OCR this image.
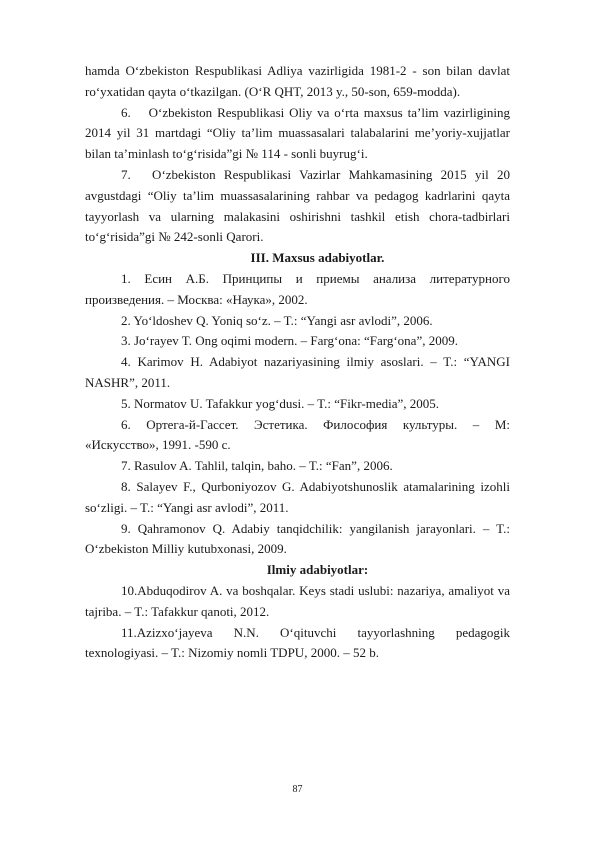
hamda O‘zbekiston Respublikasi Adliya vazirligida 1981-2 - son bilan davlat ro‘yxatidan qayta o‘tkazilgan. (O‘R QHT, 2013 y., 50-son, 659-modda).

6.  O‘zbekiston Respublikasi Oliy va o‘rta maxsus ta’lim vazirligining 2014 yil 31 martdagi “Oliy ta’lim muassasalari talabalarini me’yoriy-xujjatlar bilan ta’minlash to‘g‘risida”gi № 114 - sonli buyrug‘i.

7.  O‘zbekiston Respublikasi Vazirlar Mahkamasining 2015 yil 20 avgustdagi “Oliy ta’lim muassasalarining rahbar va pedagog kadrlarini qayta tayyorlash va ularning malakasini oshirishni tashkil etish chora-tadbirlari to‘g‘risida”gi № 242-sonli Qarori.

III. Maxsus adabiyotlar.

1. Есин А.Б. Принципы и приемы анализа литературного произведения. – Москва: «Наука», 2002.

2. Yo‘ldoshev Q. Yoniq so‘z. – T.: “Yangi asr avlodi”, 2006.

3. Jo‘rayev T. Ong oqimi modern. – Farg‘ona: “Farg‘ona”, 2009.

4. Karimov H. Adabiyot nazariyasining ilmiy asoslari. – T.: “YANGI NASHR”, 2011.

5. Normatov U. Tafakkur yog‘dusi. – T.: “Fikr-media”, 2005.

6. Ортега-й-Гассет. Эстетика. Философия культуры. – М: «Искусство», 1991. -590 с.

7. Rasulov A. Tahlil, talqin, baho. – T.: “Fan”, 2006.

8. Salayev F., Qurboniyozov G. Adabiyotshunoslik atamalarining izohli so‘zligi. – T.: “Yangi asr avlodi”, 2011.

9. Qahramonov Q. Adabiy tanqidchilik: yangilanish jarayonlari. – T.: O‘zbekiston Milliy kutubxonasi, 2009.

Ilmiy adabiyotlar:

10.Abduqodirov A. va boshqalar. Keys stadi uslubi: nazariya, amaliyot va tajriba. – T.: Tafakkur qanoti, 2012.

11.Azizxo‘jayeva N.N. O‘qituvchi tayyorlashning pedagogik texnologiyasi. – T.: Nizomiy nomli TDPU, 2000. – 52 b.

87
